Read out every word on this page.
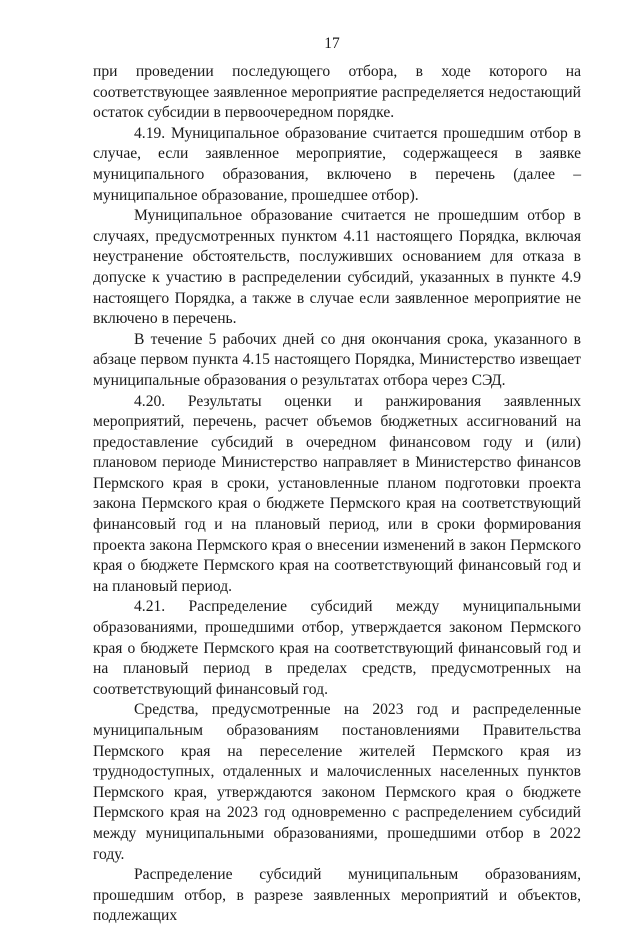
17

при проведении последующего отбора, в ходе которого на соответствующее заявленное мероприятие распределяется недостающий остаток субсидии в первоочередном порядке.

4.19. Муниципальное образование считается прошедшим отбор в случае, если заявленное мероприятие, содержащееся в заявке муниципального образования, включено в перечень (далее – муниципальное образование, прошедшее отбор).

Муниципальное образование считается не прошедшим отбор в случаях, предусмотренных пунктом 4.11 настоящего Порядка, включая неустранение обстоятельств, послуживших основанием для отказа в допуске к участию в распределении субсидий, указанных в пункте 4.9 настоящего Порядка, а также в случае если заявленное мероприятие не включено в перечень.

В течение 5 рабочих дней со дня окончания срока, указанного в абзаце первом пункта 4.15 настоящего Порядка, Министерство извещает муниципальные образования о результатах отбора через СЭД.

4.20. Результаты оценки и ранжирования заявленных мероприятий, перечень, расчет объемов бюджетных ассигнований на предоставление субсидий в очередном финансовом году и (или) плановом периоде Министерство направляет в Министерство финансов Пермского края в сроки, установленные планом подготовки проекта закона Пермского края о бюджете Пермского края на соответствующий финансовый год и на плановый период, или в сроки формирования проекта закона Пермского края о внесении изменений в закон Пермского края о бюджете Пермского края на соответствующий финансовый год и на плановый период.

4.21. Распределение субсидий между муниципальными образованиями, прошедшими отбор, утверждается законом Пермского края о бюджете Пермского края на соответствующий финансовый год и на плановый период в пределах средств, предусмотренных на соответствующий финансовый год.

Средства, предусмотренные на 2023 год и распределенные муниципальным образованиям постановлениями Правительства Пермского края на переселение жителей Пермского края из труднодоступных, отдаленных и малочисленных населенных пунктов Пермского края, утверждаются законом Пермского края о бюджете Пермского края на 2023 год одновременно с распределением субсидий между муниципальными образованиями, прошедшими отбор в 2022 году.

Распределение субсидий муниципальным образованиям, прошедшим отбор, в разрезе заявленных мероприятий и объектов, подлежащих
